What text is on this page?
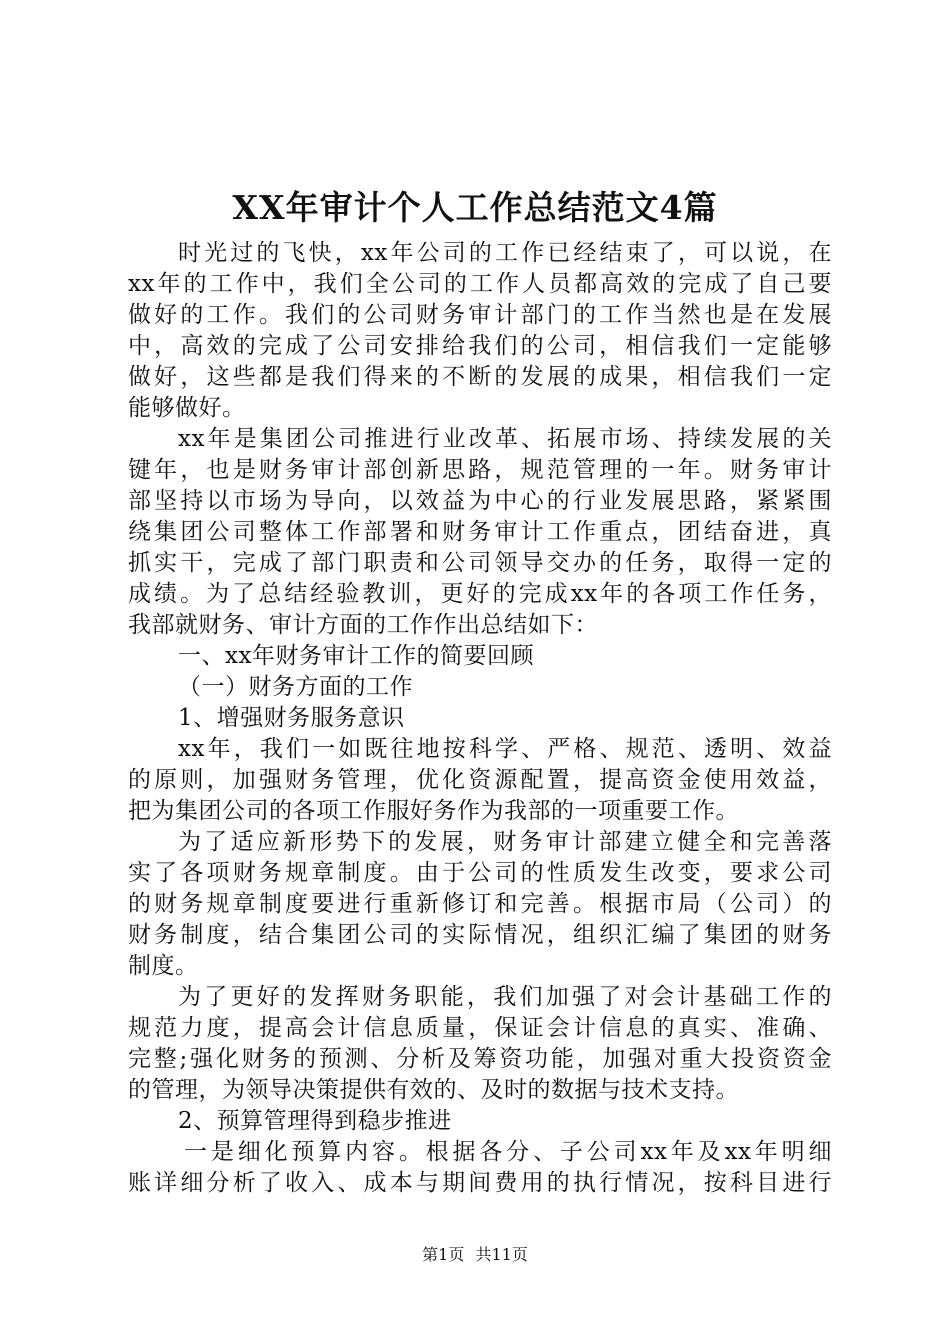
XX年审计个人工作总结范文4篇
时光过的飞快，xx年公司的工作已经结束了，可以说，在
xx年的工作中，我们全公司的工作人员都高效的完成了自己要
做好的工作。我们的公司财务审计部门的工作当然也是在发展
中，高效的完成了公司安排给我们的公司，相信我们一定能够
做好，这些都是我们得来的不断的发展的成果，相信我们一定
能够做好。
xx年是集团公司推进行业改革、拓展市场、持续发展的关
键年，也是财务审计部创新思路，规范管理的一年。财务审计
部坚持以市场为导向，以效益为中心的行业发展思路，紧紧围
绕集团公司整体工作部署和财务审计工作重点，团结奋进，真
抓实干，完成了部门职责和公司领导交办的任务，取得一定的
成绩。为了总结经验教训，更好的完成xx年的各项工作任务，
我部就财务、审计方面的工作作出总结如下：
一、xx年财务审计工作的简要回顾
（一）财务方面的工作
1、增强财务服务意识
xx年，我们一如既往地按科学、严格、规范、透明、效益
的原则，加强财务管理，优化资源配置，提高资金使用效益，
把为集团公司的各项工作服好务作为我部的一项重要工作。
为了适应新形势下的发展，财务审计部建立健全和完善落
实了各项财务规章制度。由于公司的性质发生改变，要求公司
的财务规章制度要进行重新修订和完善。根据市局（公司）的
财务制度，结合集团公司的实际情况，组织汇编了集团的财务
制度。
为了更好的发挥财务职能，我们加强了对会计基础工作的
规范力度，提高会计信息质量，保证会计信息的真实、准确、
完整;强化财务的预测、分析及筹资功能，加强对重大投资资金
的管理，为领导决策提供有效的、及时的数据与技术支持。
2、预算管理得到稳步推进
一是细化预算内容。根据各分、子公司xx年及xx年明细
账详细分析了收入、成本与期间费用的执行情况，按科目进行
第1页 共11页
